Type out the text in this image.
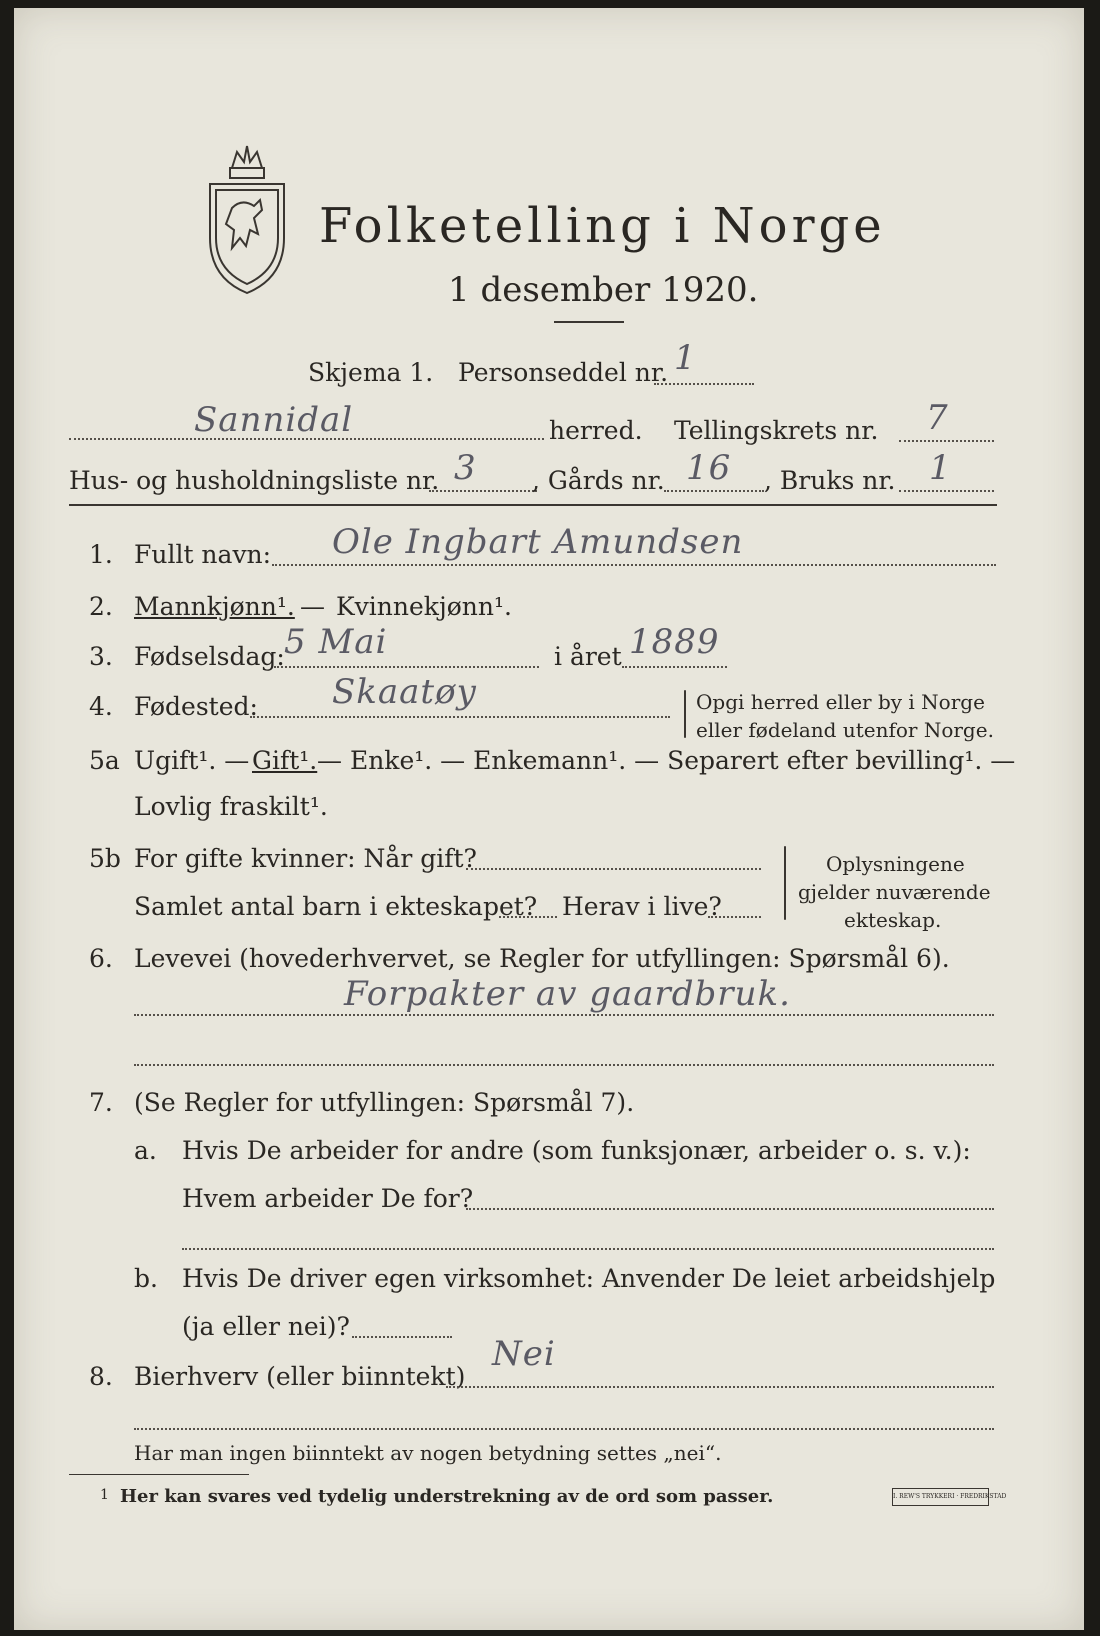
Folketelling i Norge
1 desember 1920.
Skjema 1. Personseddel nr. 1
Sannidal	herred. Tellingskrets nr. 7
Hus- og husholdningsliste nr. 3 , Gårds nr. 16 , Bruks nr. 1
1. Fullt navn: Ole Ingbart Amundsen
2. Mannkjønn¹. — Kvinnekjønn¹.
3. Fødselsdag: 5 Mai	i året 1889
4. Fødested: Skaatøy	Opgi herred eller by i Norge
eller fødeland utenfor Norge.
5a Ugift¹. — Gift¹. — Enke¹. — Enkemann¹. — Separert efter bevilling¹. —
Lovlig fraskilt¹.
5b For gifte kvinner: Når gift?
Samlet antal barn i ekteskapet? Herav i live?
Oplysningene
gjelder nuværende
ekteskap.
6. Levevei (hovederhvervet, se Regler for utfyllingen: Spørsmål 6).
Forpakter av gaardbruk.
7. (Se Regler for utfyllingen: Spørsmål 7).
a. Hvis De arbeider for andre (som funksjonær, arbeider o. s. v.):
Hvem arbeider De for?
b. Hvis De driver egen virksomhet: Anvender De leiet arbeidshjelp
(ja eller nei)?
8. Bierhverv (eller biinntekt)
Nei
Har man ingen biinntekt av nogen betydning settes „nei“.
1 Her kan svares ved tydelig understrekning av de ord som passer.	I. REW'S TRYKKERI · FREDRIKSTAD
